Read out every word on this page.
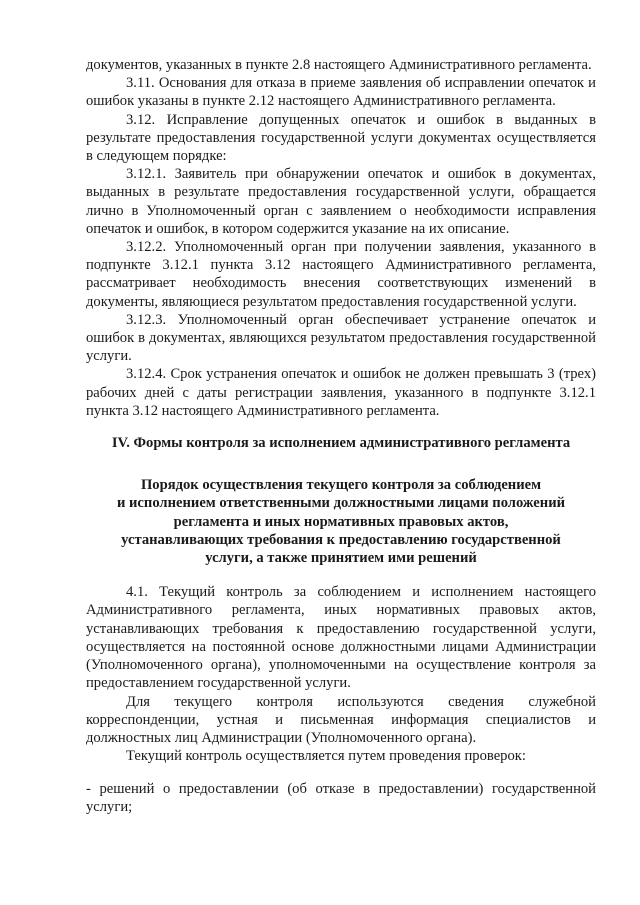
документов, указанных в пункте 2.8 настоящего Административного регламента.

3.11. Основания для отказа в приеме заявления об исправлении опечаток и ошибок указаны в пункте 2.12 настоящего Административного регламента.

3.12. Исправление допущенных опечаток и ошибок в выданных в результате предоставления государственной услуги документах осуществляется в следующем порядке:

3.12.1. Заявитель при обнаружении опечаток и ошибок в документах, выданных в результате предоставления государственной услуги, обращается лично в Уполномоченный орган с заявлением о необходимости исправления опечаток и ошибок, в котором содержится указание на их описание.

3.12.2. Уполномоченный орган при получении заявления, указанного в подпункте 3.12.1 пункта 3.12 настоящего Административного регламента, рассматривает необходимость внесения соответствующих изменений в документы, являющиеся результатом предоставления государственной услуги.

3.12.3. Уполномоченный орган обеспечивает устранение опечаток и ошибок в документах, являющихся результатом предоставления государственной услуги.

3.12.4. Срок устранения опечаток и ошибок не должен превышать 3 (трех) рабочих дней с даты регистрации заявления, указанного в подпункте 3.12.1 пункта 3.12 настоящего Административного регламента.

IV. Формы контроля за исполнением административного регламента

Порядок осуществления текущего контроля за соблюдением
и исполнением ответственными должностными лицами положений
регламента и иных нормативных правовых актов,
устанавливающих требования к предоставлению государственной
услуги, а также принятием ими решений

4.1. Текущий контроль за соблюдением и исполнением настоящего Административного регламента, иных нормативных правовых актов, устанавливающих требования к предоставлению государственной услуги, осуществляется на постоянной основе должностными лицами Администрации (Уполномоченного органа), уполномоченными на осуществление контроля за предоставлением государственной услуги.

Для текущего контроля используются сведения служебной корреспонденции, устная и письменная информация специалистов и должностных лиц Администрации (Уполномоченного органа).

Текущий контроль осуществляется путем проведения проверок:

- решений о предоставлении (об отказе в предоставлении) государственной услуги;
